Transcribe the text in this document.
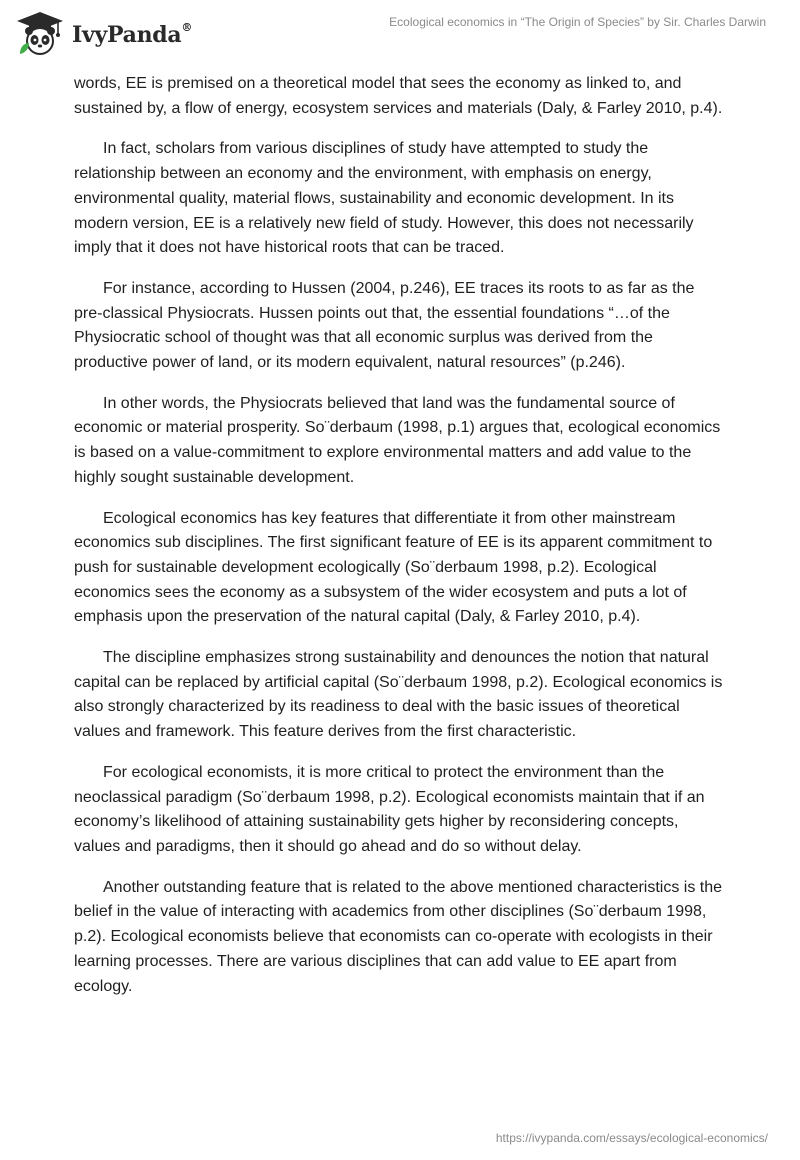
IvyPanda®	Ecological economics in “The Origin of Species” by Sir. Charles Darwin

words, EE is premised on a theoretical model that sees the economy as linked to, and sustained by, a flow of energy, ecosystem services and materials (Daly, & Farley 2010, p.4).

In fact, scholars from various disciplines of study have attempted to study the relationship between an economy and the environment, with emphasis on energy, environmental quality, material flows, sustainability and economic development. In its modern version, EE is a relatively new field of study. However, this does not necessarily imply that it does not have historical roots that can be traced.

For instance, according to Hussen (2004, p.246), EE traces its roots to as far as the pre-classical Physiocrats. Hussen points out that, the essential foundations “…of the Physiocratic school of thought was that all economic surplus was derived from the productive power of land, or its modern equivalent, natural resources” (p.246).

In other words, the Physiocrats believed that land was the fundamental source of economic or material prosperity. So¨derbaum (1998, p.1) argues that, ecological economics is based on a value-commitment to explore environmental matters and add value to the highly sought sustainable development.

Ecological economics has key features that differentiate it from other mainstream economics sub disciplines. The first significant feature of EE is its apparent commitment to push for sustainable development ecologically (So¨derbaum 1998, p.2). Ecological economics sees the economy as a subsystem of the wider ecosystem and puts a lot of emphasis upon the preservation of the natural capital (Daly, & Farley 2010, p.4).

The discipline emphasizes strong sustainability and denounces the notion that natural capital can be replaced by artificial capital (So¨derbaum 1998, p.2). Ecological economics is also strongly characterized by its readiness to deal with the basic issues of theoretical values and framework. This feature derives from the first characteristic.

For ecological economists, it is more critical to protect the environment than the neoclassical paradigm (So¨derbaum 1998, p.2). Ecological economists maintain that if an economy’s likelihood of attaining sustainability gets higher by reconsidering concepts, values and paradigms, then it should go ahead and do so without delay.

Another outstanding feature that is related to the above mentioned characteristics is the belief in the value of interacting with academics from other disciplines (So¨derbaum 1998, p.2). Ecological economists believe that economists can co-operate with ecologists in their learning processes. There are various disciplines that can add value to EE apart from ecology.

https://ivypanda.com/essays/ecological-economics/
